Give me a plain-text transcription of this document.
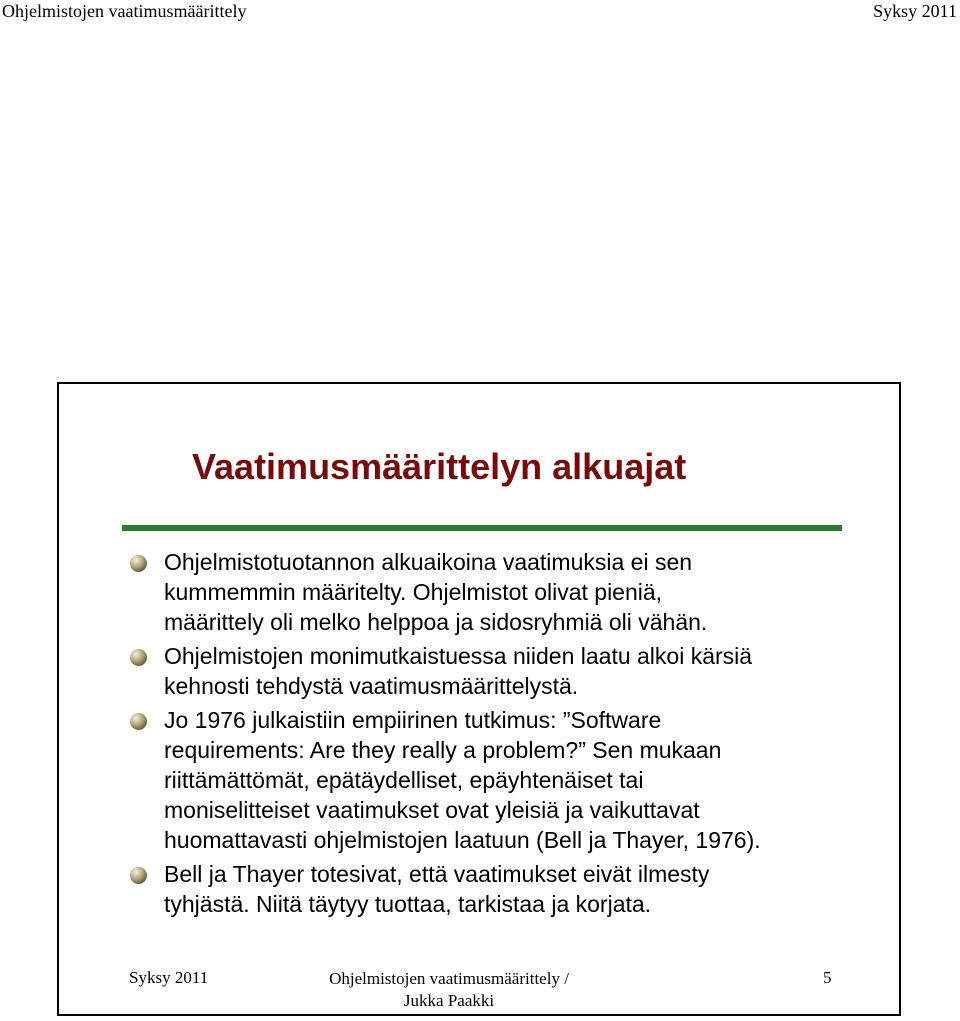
Ohjelmistojen vaatimusmäärittely	Syksy 2011
Vaatimusmäärittelyn alkuajat
Ohjelmistotuotannon alkuaikoina vaatimuksia ei sen
kummemmin määritelty. Ohjelmistot olivat pieniä,
määrittely oli melko helppoa ja sidosryhmiä oli vähän.
Ohjelmistojen monimutkaistuessa niiden laatu alkoi kärsiä
kehnosti tehdystä vaatimusmäärittelystä.
Jo 1976 julkaistiin empiirinen tutkimus: ”Software
requirements: Are they really a problem?” Sen mukaan
riittämättömät, epätäydelliset, epäyhtenäiset tai
moniselitteiset vaatimukset ovat yleisiä ja vaikuttavat
huomattavasti ohjelmistojen laatuun (Bell ja Thayer, 1976).
Bell ja Thayer totesivat, että vaatimukset eivät ilmesty
tyhjästä. Niitä täytyy tuottaa, tarkistaa ja korjata.
Syksy 2011	Ohjelmistojen vaatimusmäärittely /
Jukka Paakki
5
